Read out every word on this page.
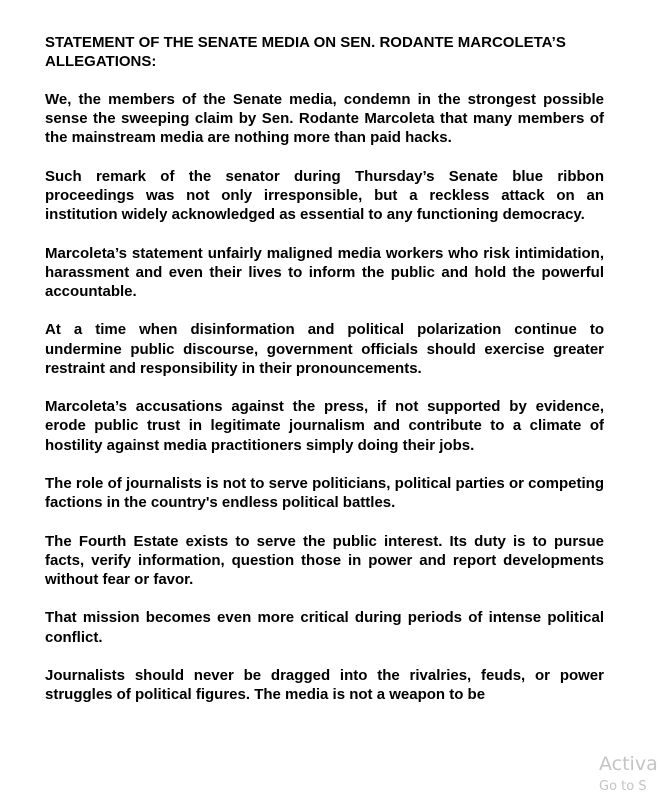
STATEMENT OF THE SENATE MEDIA ON SEN. RODANTE MARCOLETA’S ALLEGATIONS:

We, the members of the Senate media, condemn in the strongest possible sense the sweeping claim by Sen. Rodante Marcoleta that many members of the mainstream media are nothing more than paid hacks.

Such remark of the senator during Thursday’s Senate blue ribbon proceedings was not only irresponsible, but a reckless attack on an institution widely acknowledged as essential to any functioning democracy.

Marcoleta’s statement unfairly maligned media workers who risk intimidation, harassment and even their lives to inform the public and hold the powerful accountable.

At a time when disinformation and political polarization continue to undermine public discourse, government officials should exercise greater restraint and responsibility in their pronouncements.

Marcoleta’s accusations against the press, if not supported by evidence, erode public trust in legitimate journalism and contribute to a climate of hostility against media practitioners simply doing their jobs.

The role of journalists is not to serve politicians, political parties or competing factions in the country's endless political battles.

The Fourth Estate exists to serve the public interest. Its duty is to pursue facts, verify information, question those in power and report developments without fear or favor.

That mission becomes even more critical during periods of intense political conflict.

Journalists should never be dragged into the rivalries, feuds, or power struggles of political figures. The media is not a weapon to be

Activa
Go to S
